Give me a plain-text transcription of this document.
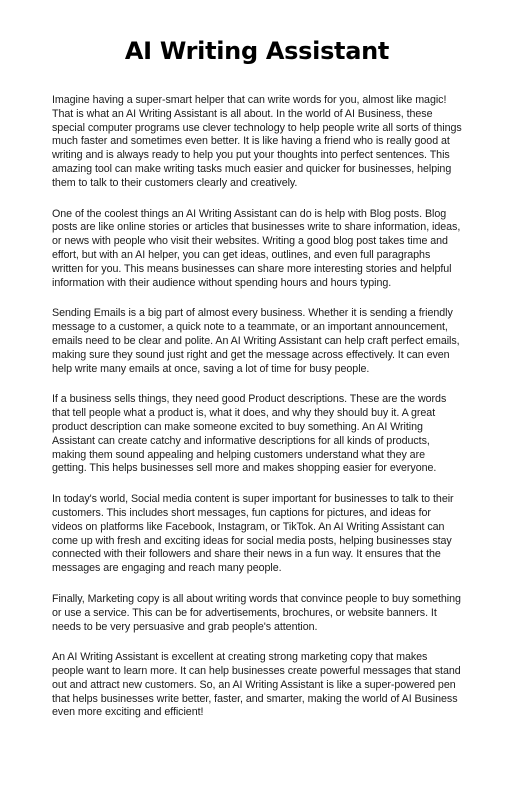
AI Writing Assistant

Imagine having a super-smart helper that can write words for you, almost like magic! That is what an AI Writing Assistant is all about. In the world of AI Business, these special computer programs use clever technology to help people write all sorts of things much faster and sometimes even better. It is like having a friend who is really good at writing and is always ready to help you put your thoughts into perfect sentences. This amazing tool can make writing tasks much easier and quicker for businesses, helping them to talk to their customers clearly and creatively.

One of the coolest things an AI Writing Assistant can do is help with Blog posts. Blog posts are like online stories or articles that businesses write to share information, ideas, or news with people who visit their websites. Writing a good blog post takes time and effort, but with an AI helper, you can get ideas, outlines, and even full paragraphs written for you. This means businesses can share more interesting stories and helpful information with their audience without spending hours and hours typing.

Sending Emails is a big part of almost every business. Whether it is sending a friendly message to a customer, a quick note to a teammate, or an important announcement, emails need to be clear and polite. An AI Writing Assistant can help craft perfect emails, making sure they sound just right and get the message across effectively. It can even help write many emails at once, saving a lot of time for busy people.

If a business sells things, they need good Product descriptions. These are the words that tell people what a product is, what it does, and why they should buy it. A great product description can make someone excited to buy something. An AI Writing Assistant can create catchy and informative descriptions for all kinds of products, making them sound appealing and helping customers understand what they are getting. This helps businesses sell more and makes shopping easier for everyone.

In today's world, Social media content is super important for businesses to talk to their customers. This includes short messages, fun captions for pictures, and ideas for videos on platforms like Facebook, Instagram, or TikTok. An AI Writing Assistant can come up with fresh and exciting ideas for social media posts, helping businesses stay connected with their followers and share their news in a fun way. It ensures that the messages are engaging and reach many people.

Finally, Marketing copy is all about writing words that convince people to buy something or use a service. This can be for advertisements, brochures, or website banners. It needs to be very persuasive and grab people's attention.

An AI Writing Assistant is excellent at creating strong marketing copy that makes people want to learn more. It can help businesses create powerful messages that stand out and attract new customers. So, an AI Writing Assistant is like a super-powered pen that helps businesses write better, faster, and smarter, making the world of AI Business even more exciting and efficient!
